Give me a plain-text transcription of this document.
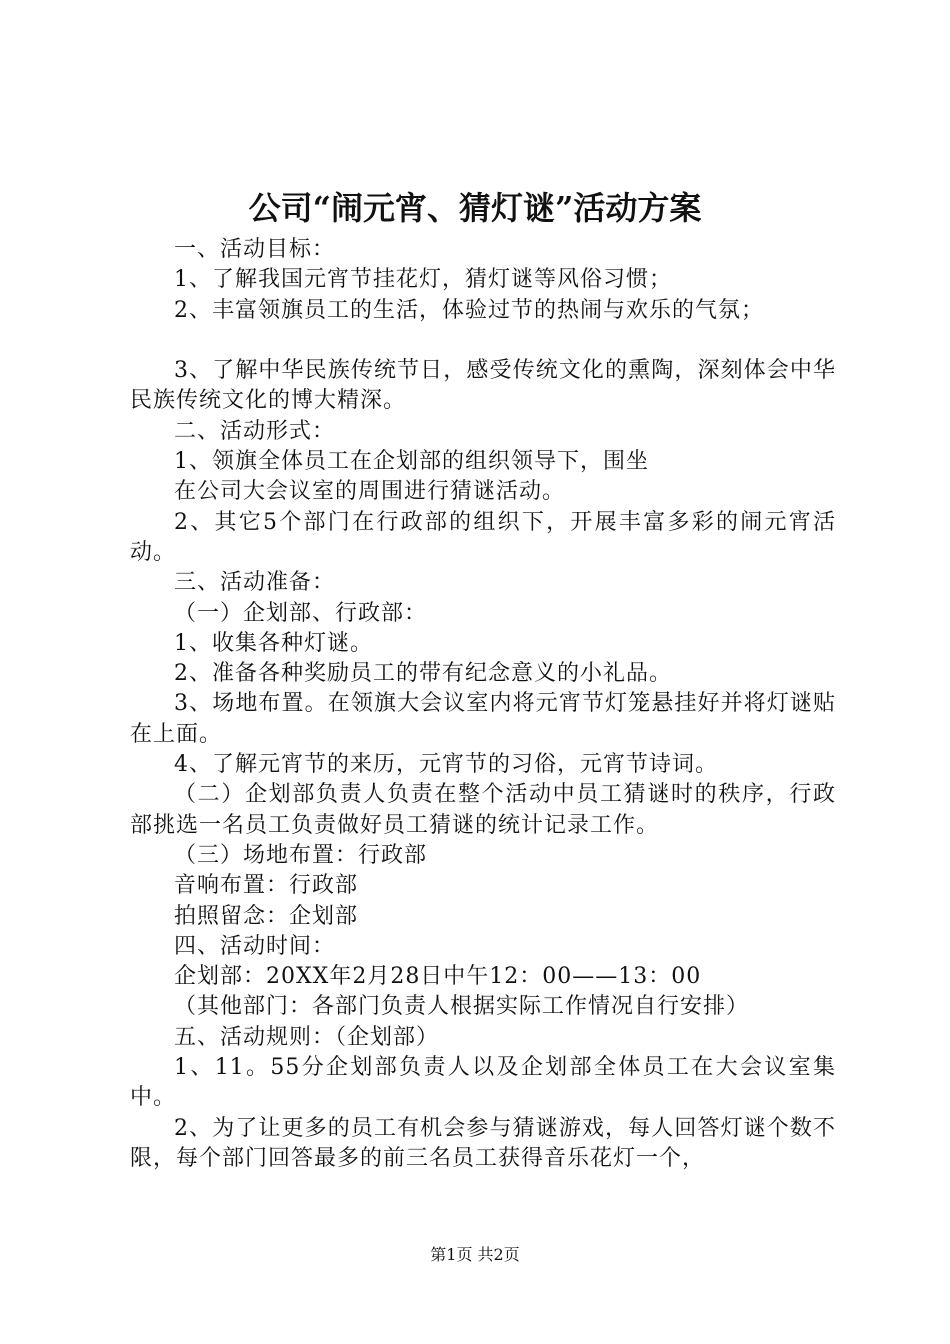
公司“闹元宵、猜灯谜”活动方案

一、活动目标：

1、了解我国元宵节挂花灯，猜灯谜等风俗习惯；

2、丰富领旗员工的生活，体验过节的热闹与欢乐的气氛；

3、了解中华民族传统节日，感受传统文化的熏陶，深刻体会中华民族传统文化的博大精深。

二、活动形式：

1、领旗全体员工在企划部的组织领导下，围坐

在公司大会议室的周围进行猜谜活动。

2、其它5个部门在行政部的组织下，开展丰富多彩的闹元宵活动。

三、活动准备：

（一）企划部、行政部：

1、收集各种灯谜。

2、准备各种奖励员工的带有纪念意义的小礼品。

3、场地布置。在领旗大会议室内将元宵节灯笼悬挂好并将灯谜贴在上面。

4、了解元宵节的来历，元宵节的习俗，元宵节诗词。

（二）企划部负责人负责在整个活动中员工猜谜时的秩序，行政部挑选一名员工负责做好员工猜谜的统计记录工作。

（三）场地布置：行政部

音响布置：行政部

拍照留念：企划部

四、活动时间：

企划部：20XX年2月28日中午12：00——13：00

（其他部门：各部门负责人根据实际工作情况自行安排）

五、活动规则：（企划部）

1、11。55分企划部负责人以及企划部全体员工在大会议室集中。

2、为了让更多的员工有机会参与猜谜游戏，每人回答灯谜个数不限，每个部门回答最多的前三名员工获得音乐花灯一个，

第1页 共2页
